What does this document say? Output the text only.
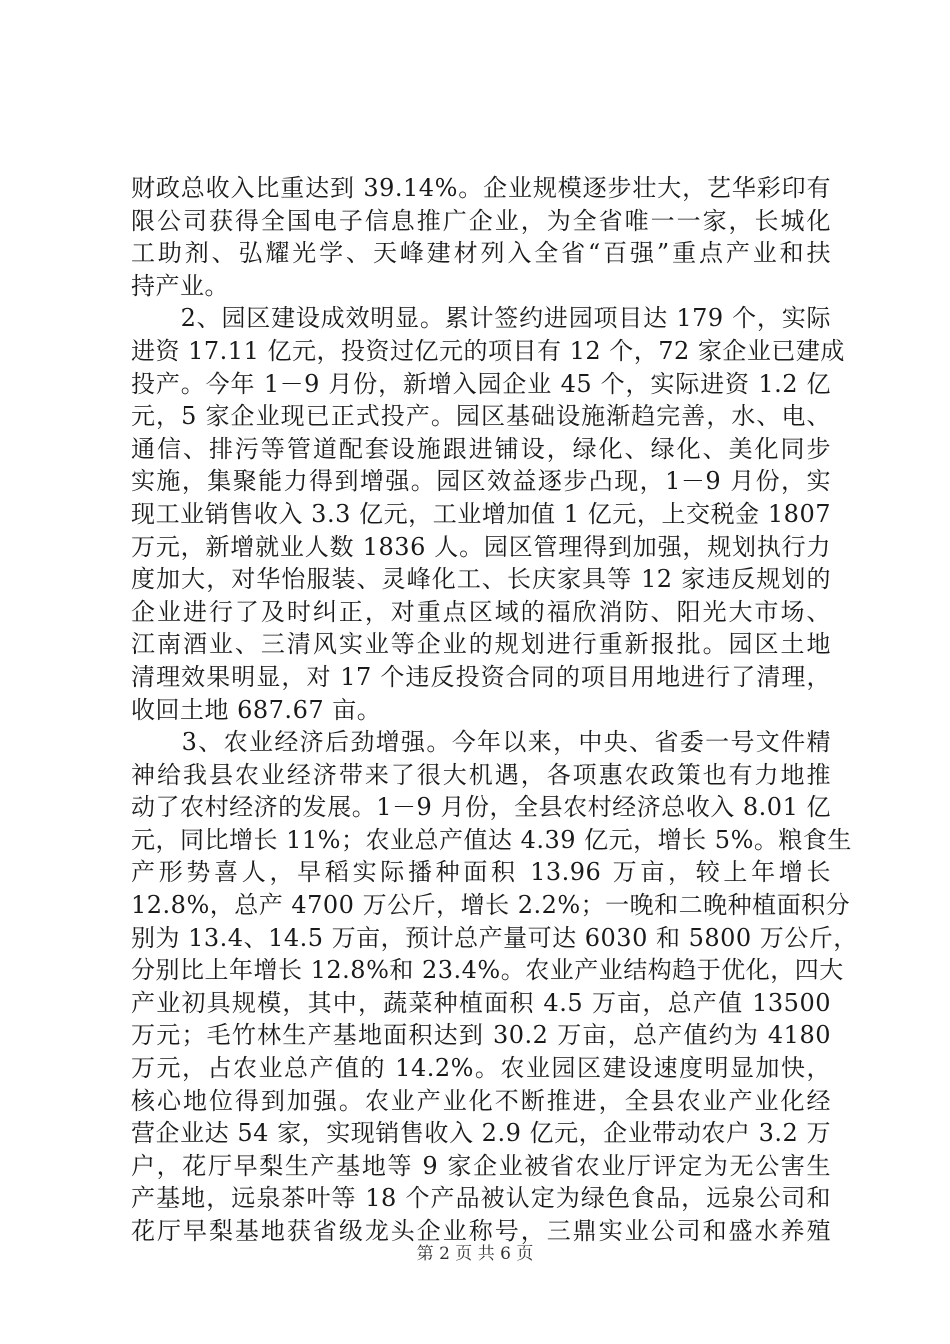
财政总收入比重达到 39.14%。企业规模逐步壮大，艺华彩印有
限公司获得全国电子信息推广企业，为全省唯一一家，长城化
工助剂、弘耀光学、天峰建材列入全省“百强”重点产业和扶
持产业。
　　2、园区建设成效明显。累计签约进园项目达 179 个，实际
进资 17.11 亿元，投资过亿元的项目有 12 个，72 家企业已建成
投产。今年 1－9 月份，新增入园企业 45 个，实际进资 1.2 亿
元，5 家企业现已正式投产。园区基础设施渐趋完善，水、电、
通信、排污等管道配套设施跟进铺设，绿化、绿化、美化同步
实施，集聚能力得到增强。园区效益逐步凸现，1－9 月份，实
现工业销售收入 3.3 亿元，工业增加值 1 亿元，上交税金 1807
万元，新增就业人数 1836 人。园区管理得到加强，规划执行力
度加大，对华怡服装、灵峰化工、长庆家具等 12 家违反规划的
企业进行了及时纠正，对重点区域的福欣消防、阳光大市场、
江南酒业、三清风实业等企业的规划进行重新报批。园区土地
清理效果明显，对 17 个违反投资合同的项目用地进行了清理，
收回土地 687.67 亩。
　　3、农业经济后劲增强。今年以来，中央、省委一号文件精
神给我县农业经济带来了很大机遇，各项惠农政策也有力地推
动了农村经济的发展。1－9 月份，全县农村经济总收入 8.01 亿
元，同比增长 11%；农业总产值达 4.39 亿元，增长 5%。粮食生
产形势喜人，早稻实际播种面积 13.96 万亩，较上年增长
12.8%，总产 4700 万公斤，增长 2.2%；一晚和二晚种植面积分
别为 13.4、14.5 万亩，预计总产量可达 6030 和 5800 万公斤，
分别比上年增长 12.8%和 23.4%。农业产业结构趋于优化，四大
产业初具规模，其中，蔬菜种植面积 4.5 万亩，总产值 13500
万元；毛竹林生产基地面积达到 30.2 万亩，总产值约为 4180
万元，占农业总产值的 14.2%。农业园区建设速度明显加快，
核心地位得到加强。农业产业化不断推进，全县农业产业化经
营企业达 54 家，实现销售收入 2.9 亿元，企业带动农户 3.2 万
户，花厅早梨生产基地等 9 家企业被省农业厅评定为无公害生
产基地，远泉茶叶等 18 个产品被认定为绿色食品，远泉公司和
花厅早梨基地获省级龙头企业称号，三鼎实业公司和盛水养殖
第 2 页 共 6 页
